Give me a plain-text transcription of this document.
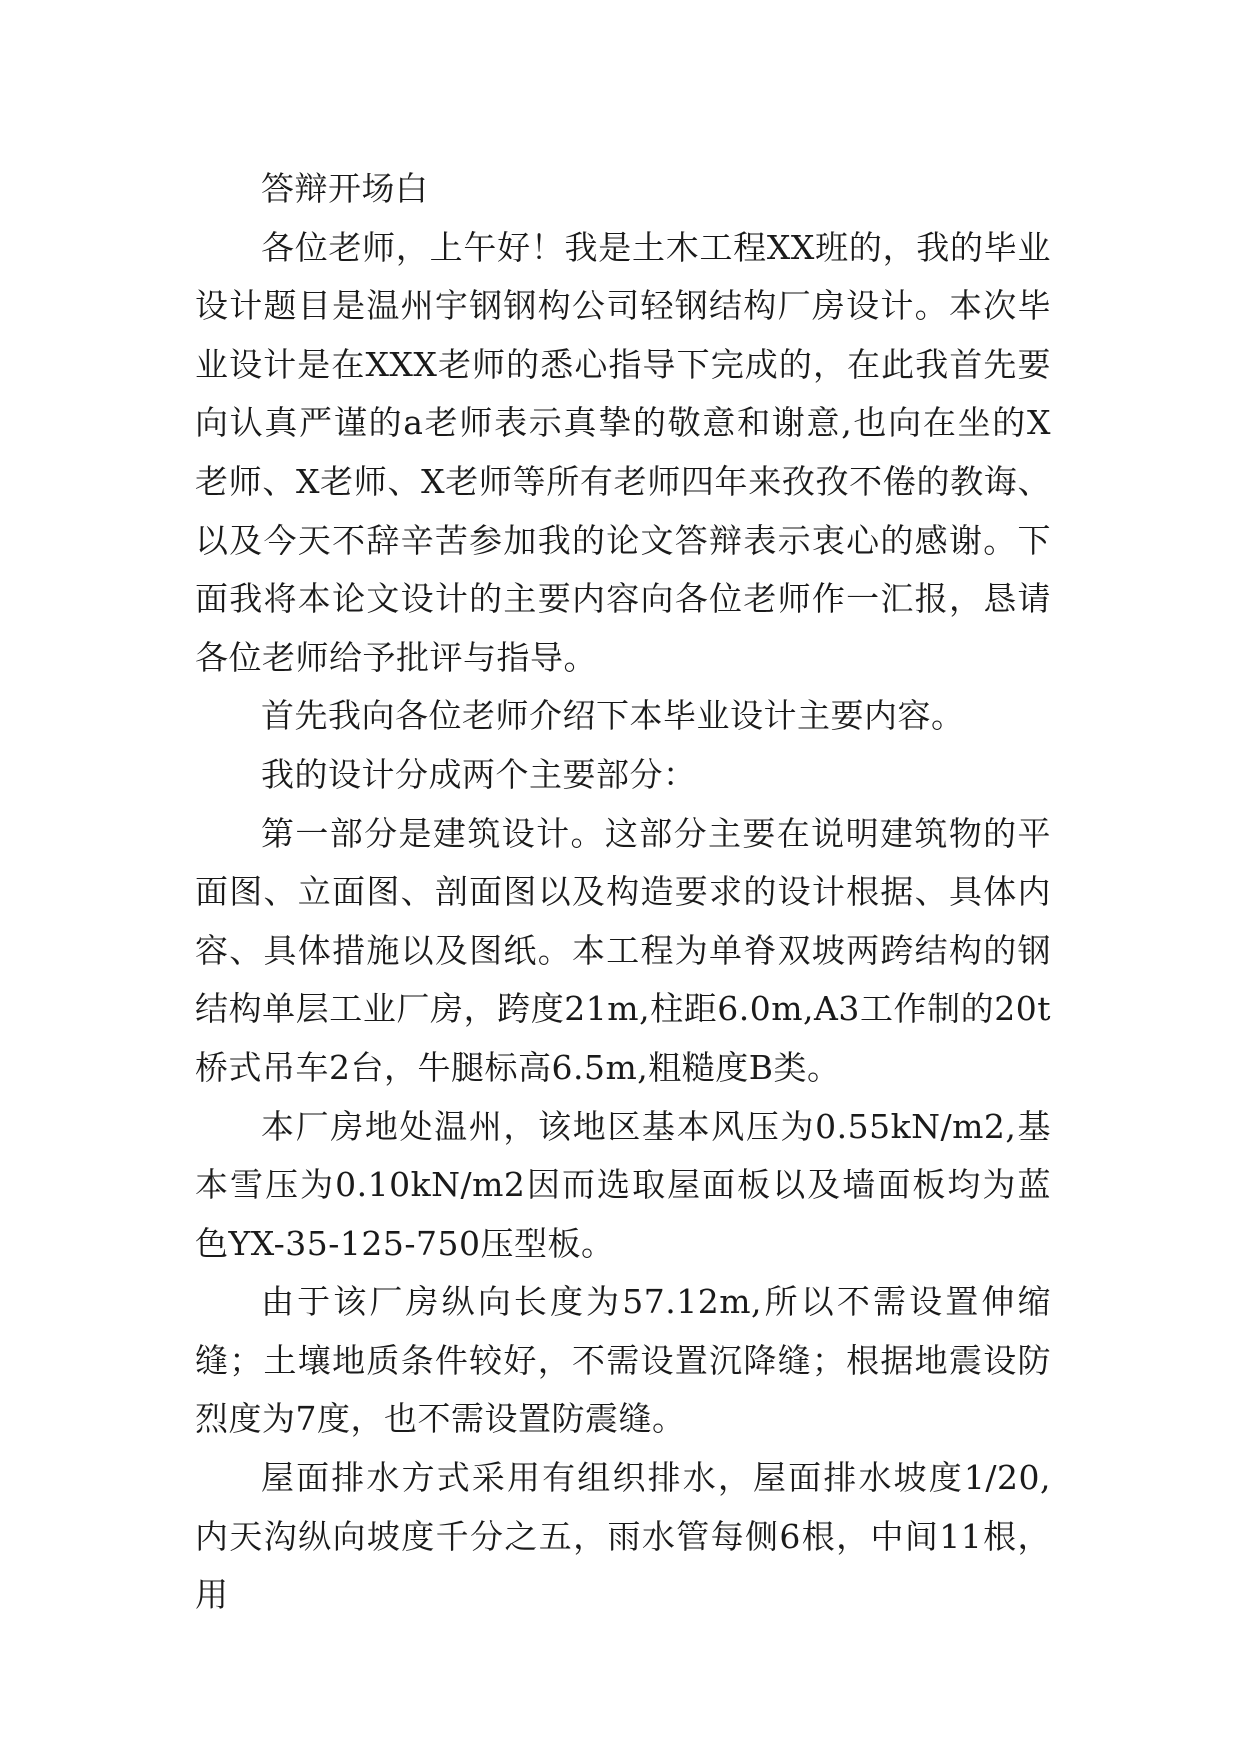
答辩开场白

各位老师，上午好！我是土木工程XX班的，我的毕业设计题目是温州宇钢钢构公司轻钢结构厂房设计。本次毕业设计是在XXX老师的悉心指导下完成的，在此我首先要向认真严谨的a老师表示真挚的敬意和谢意,也向在坐的X老师、X老师、X老师等所有老师四年来孜孜不倦的教诲、以及今天不辞辛苦参加我的论文答辩表示衷心的感谢。下面我将本论文设计的主要内容向各位老师作一汇报，恳请各位老师给予批评与指导。

首先我向各位老师介绍下本毕业设计主要内容。

我的设计分成两个主要部分：

第一部分是建筑设计。这部分主要在说明建筑物的平面图、立面图、剖面图以及构造要求的设计根据、具体内容、具体措施以及图纸。本工程为单脊双坡两跨结构的钢结构单层工业厂房，跨度21m,柱距6.0m,A3工作制的20t桥式吊车2台，牛腿标高6.5m,粗糙度B类。

本厂房地处温州，该地区基本风压为0.55kN/m2,基本雪压为0.10kN/m2因而选取屋面板以及墙面板均为蓝色YX-35-125-750压型板。

由于该厂房纵向长度为57.12m,所以不需设置伸缩缝；土壤地质条件较好，不需设置沉降缝；根据地震设防烈度为7度，也不需设置防震缝。

屋面排水方式采用有组织排水，屋面排水坡度1/20,内天沟纵向坡度千分之五，雨水管每侧6根，中间11根，用
